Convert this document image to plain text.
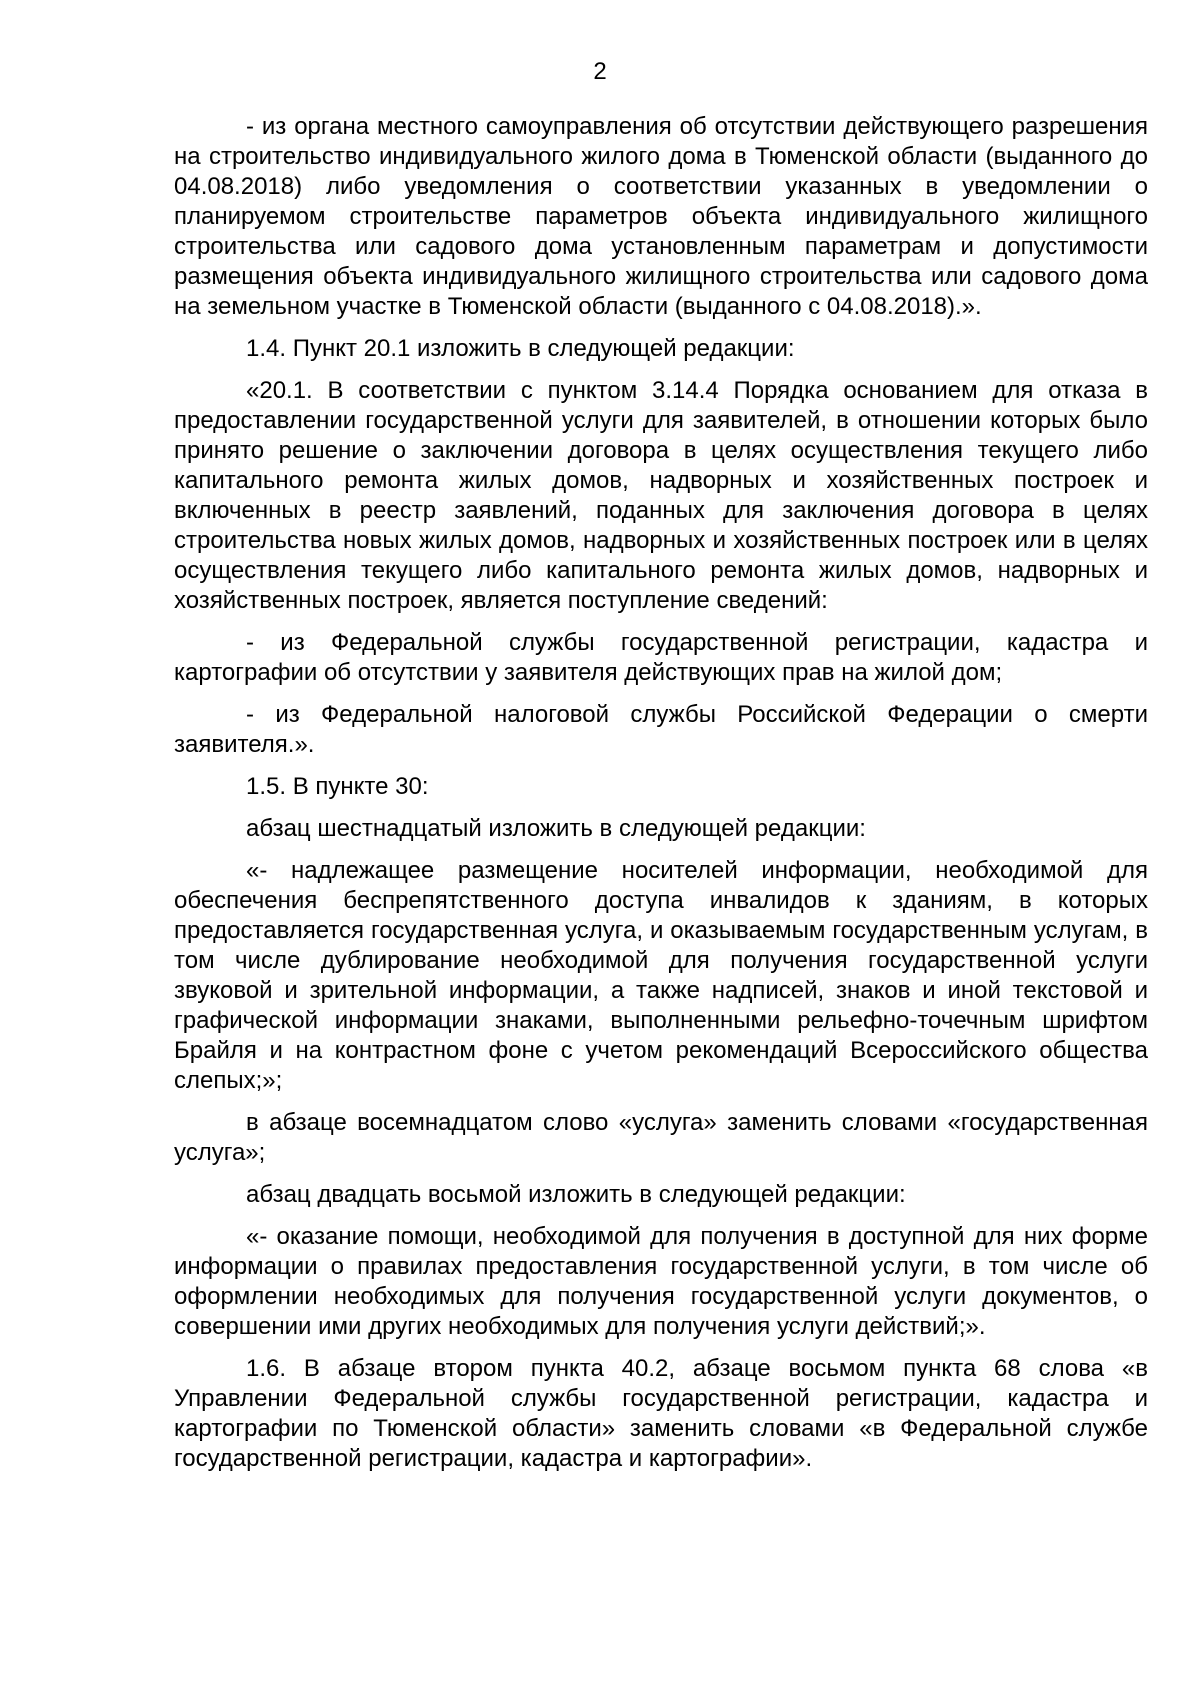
2

- из органа местного самоуправления об отсутствии действующего разрешения на строительство индивидуального жилого дома в Тюменской области (выданного до 04.08.2018) либо уведомления о соответствии указанных в уведомлении о планируемом строительстве параметров объекта индивидуального жилищного строительства или садового дома установленным параметрам и допустимости размещения объекта индивидуального жилищного строительства или садового дома на земельном участке в Тюменской области (выданного с 04.08.2018).».

1.4. Пункт 20.1 изложить в следующей редакции:

«20.1. В соответствии с пунктом 3.14.4 Порядка основанием для отказа в предоставлении государственной услуги для заявителей, в отношении которых было принято решение о заключении договора в целях осуществления текущего либо капитального ремонта жилых домов, надворных и хозяйственных построек и включенных в реестр заявлений, поданных для заключения договора в целях строительства новых жилых домов, надворных и хозяйственных построек или в целях осуществления текущего либо капитального ремонта жилых домов, надворных и хозяйственных построек, является поступление сведений:

- из Федеральной службы государственной регистрации, кадастра и картографии об отсутствии у заявителя действующих прав на жилой дом;

- из Федеральной налоговой службы Российской Федерации о смерти заявителя.».

1.5. В пункте 30:

абзац шестнадцатый изложить в следующей редакции:

«- надлежащее размещение носителей информации, необходимой для обеспечения беспрепятственного доступа инвалидов к зданиям, в которых предоставляется государственная услуга, и оказываемым государственным услугам, в том числе дублирование необходимой для получения государственной услуги звуковой и зрительной информации, а также надписей, знаков и иной текстовой и графической информации знаками, выполненными рельефно-точечным шрифтом Брайля и на контрастном фоне с учетом рекомендаций Всероссийского общества слепых;»;

в абзаце восемнадцатом слово «услуга» заменить словами «государственная услуга»;

абзац двадцать восьмой изложить в следующей редакции:

«- оказание помощи, необходимой для получения в доступной для них форме информации о правилах предоставления государственной услуги, в том числе об оформлении необходимых для получения государственной услуги документов, о совершении ими других необходимых для получения услуги действий;».

1.6. В абзаце втором пункта 40.2, абзаце восьмом пункта 68 слова «в Управлении Федеральной службы государственной регистрации, кадастра и картографии по Тюменской области» заменить словами «в Федеральной службе государственной регистрации, кадастра и картографии».
